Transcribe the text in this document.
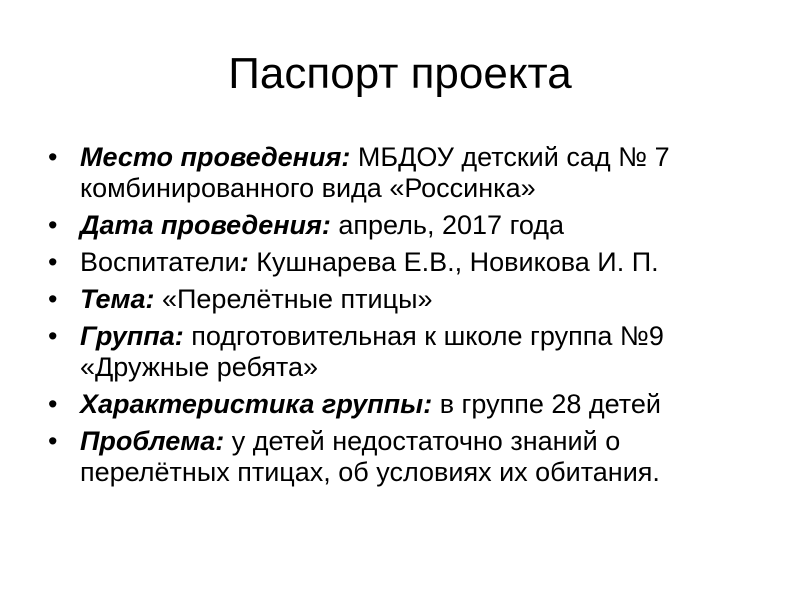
Паспорт проекта
• Место проведения: МБДОУ детский сад № 7 комбинированного вида «Россинка»
• Дата проведения: апрель, 2017 года
• Воспитатели: Кушнарева Е.В., Новикова И. П.
• Тема: «Перелётные птицы»
• Группа: подготовительная к школе группа №9 «Дружные ребята»
• Характеристика группы: в группе 28 детей
• Проблема: у детей недостаточно знаний о перелётных птицах, об условиях их обитания.
